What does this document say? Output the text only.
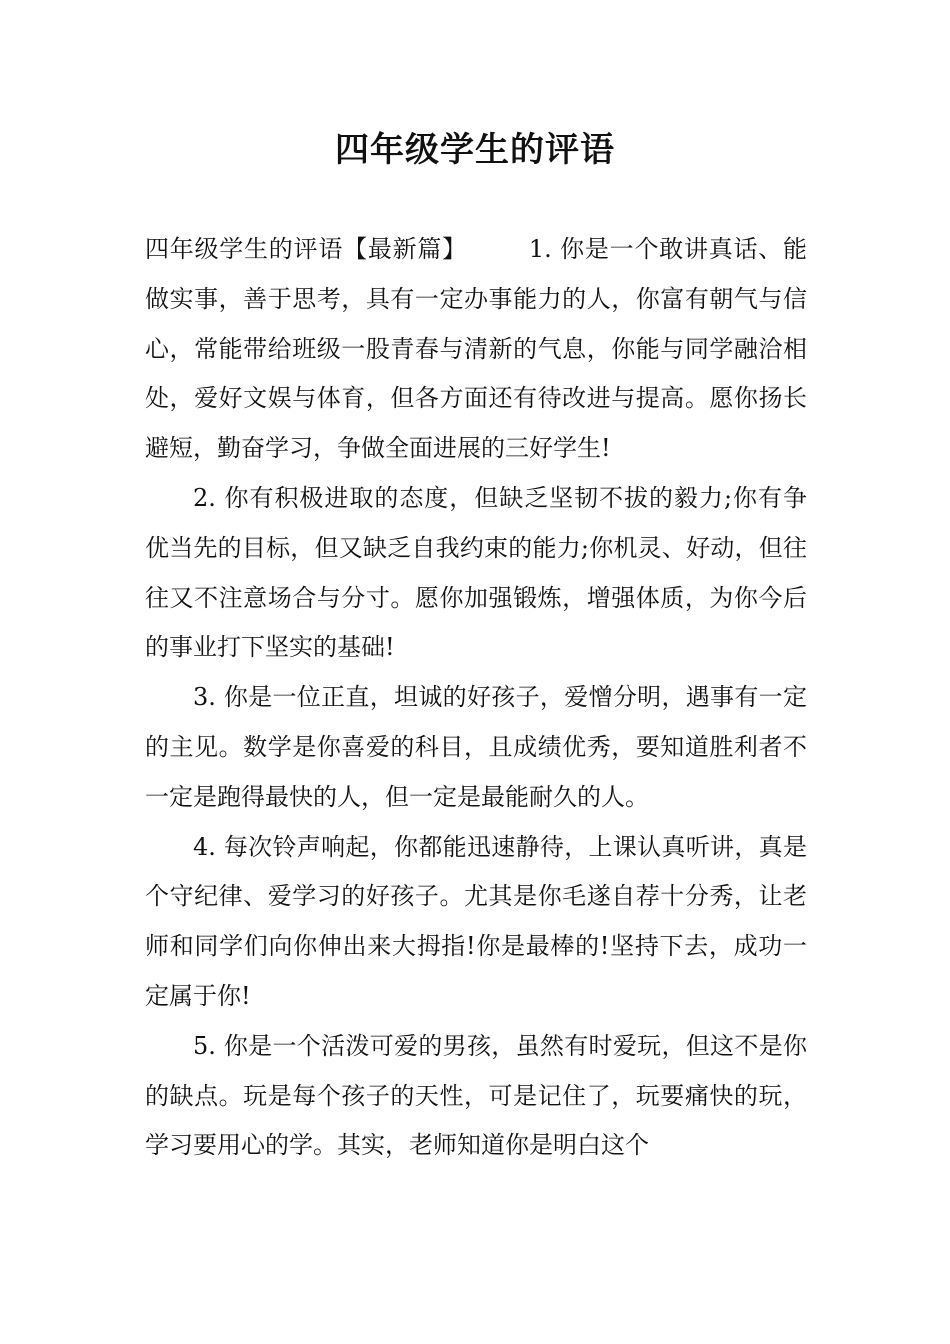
四年级学生的评语

四年级学生的评语【最新篇】	1. 你是一个敢讲真话、能做实事，善于思考，具有一定办事能力的人，你富有朝气与信心，常能带给班级一股青春与清新的气息，你能与同学融洽相处，爱好文娱与体育，但各方面还有待改进与提高。愿你扬长避短，勤奋学习，争做全面进展的三好学生!

2. 你有积极进取的态度，但缺乏坚韧不拔的毅力;你有争优当先的目标，但又缺乏自我约束的能力;你机灵、好动，但往往又不注意场合与分寸。愿你加强锻炼，增强体质，为你今后的事业打下坚实的基础!

3. 你是一位正直，坦诚的好孩子，爱憎分明，遇事有一定的主见。数学是你喜爱的科目，且成绩优秀，要知道胜利者不一定是跑得最快的人，但一定是最能耐久的人。

4. 每次铃声响起，你都能迅速静待，上课认真听讲，真是个守纪律、爱学习的好孩子。尤其是你毛遂自荐十分秀，让老师和同学们向你伸出来大拇指!你是最棒的!坚持下去，成功一定属于你!

5. 你是一个活泼可爱的男孩，虽然有时爱玩，但这不是你的缺点。玩是每个孩子的天性，可是记住了，玩要痛快的玩，学习要用心的学。其实，老师知道你是明白这个
